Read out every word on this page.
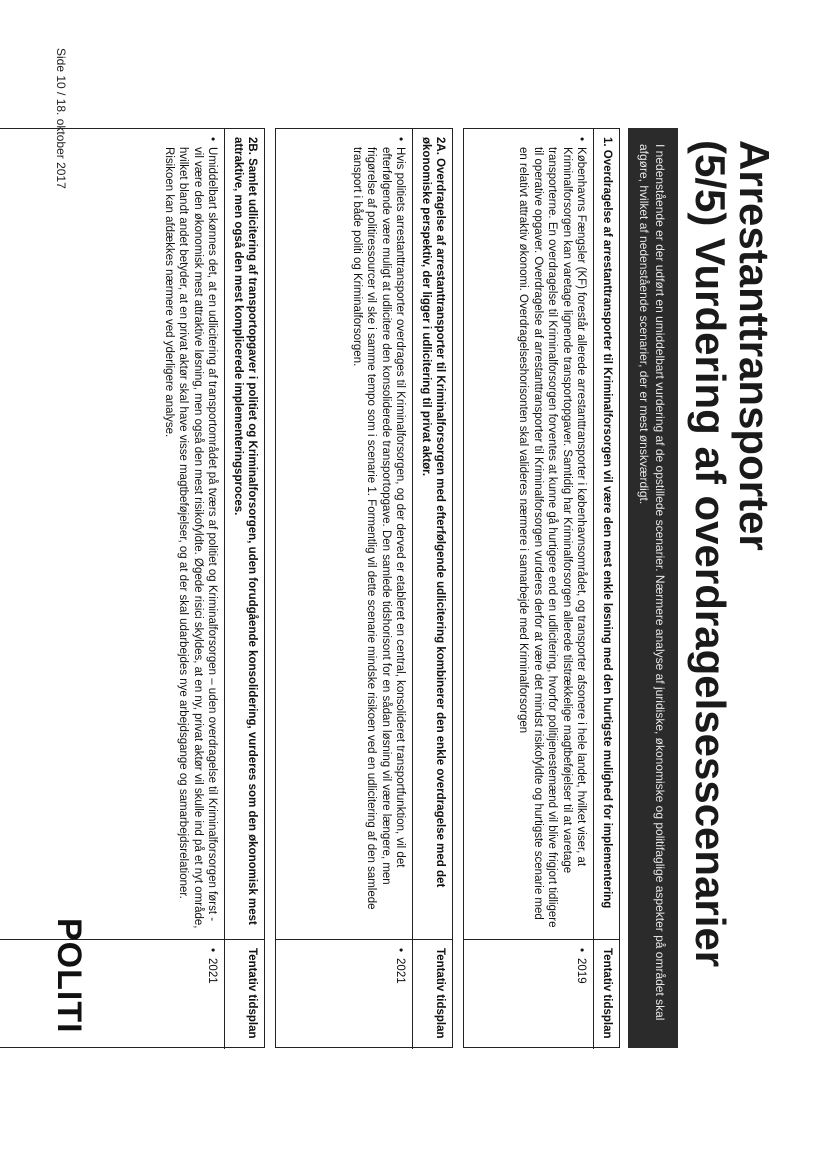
Arrestanttransporter
(5/5) Vurdering af overdragelsesscenarier
I nedenstående er der udført en umiddelbart vurdering af de opstillede scenarier. Nærmere analyse af juridiske, økonomiske og politifaglige aspekter på området skal afgøre, hvilket af nedenstående scenarier, der er mest ønskværdigt.
1. Overdragelse af arrestanttransporter til Kriminalforsorgen vil være den mest enkle løsning med den hurtigste mulighed for implementering
Tentativ tidsplan
•
Københavns Fængsler (KF) forestår allerede arrestanttransporter i københavnsområdet, og transporter afsonere i hele landet, hvilket viser, at Kriminalforsorgen kan varetage lignende transportopgaver. Samtidig har Kriminalforsorgen allerede tilstrækkelige magtbeføjelser til at varetage transporterne. En overdragelse til Kriminalforsorgen forventes at kunne gå hurtigere end en udlicitering, hvorfor politijenestemænd vil blive frigjort tidligere til operative opgaver. Overdragelse af arrestanttransporter til Kriminalforsorgen vurderes derfor at være det mindst risikofyldte og hurtigste scenarie med en relativt attraktiv økonomi. Overdragelseshorisonten skal valideres nærmere i samarbejde med Kriminalforsorgen
•
2019
2A. Overdragelse af arrestanttransporter til Kriminalforsorgen med efterfølgende udlicitering kombinerer den enkle overdragelse med det økonomiske perspektiv, der ligger i udlicitering til privat aktør.
Tentativ tidsplan
•
Hvis politiets arrestanttransporter overdrages til Kriminalforsorgen, og der derved er etableret en central, konsolideret transportfunktion, vil det efterfølgende være muligt at udlicitere den konsoliderede transportopgave. Den samlede tidshorisont for en sådan løsning vil være længere, men frigørelse af politiressourcer vil ske i samme tempo som i scenarie 1. Formentlig vil dette scenarie mindske risikoen ved en udlicitering af den samlede transport i både politi og Kriminalforsorgen.
•
2021
2B. Samlet udlicitering af transportopgaver i politiet og Kriminalforsorgen, uden forudgående konsolidering, vurderes som den økonomisk mest attraktive, men også den mest komplicerede implementeringsproces.
Tentativ tidsplan
•
Umiddelbart skønnes det, at en udlicitering af transportområdet på tværs af politiet og Kriminalforsorgen – uden overdragelse til Kriminalforsorgen først - vil være den økonomisk mest attraktive løsning, men også den mest risikofyldte. Øgede risici skyldes, at en ny, privat aktør vil skulle ind på et nyt område, hvilket blandt andet betyder, at en privat aktør skal have visse magtbeføjelser, og at der skal udarbejdes nye arbejdsgange og samarbejdsrelationer. Risikoen kan afdækkes nærmere ved yderligere analyse.
•
2021
Side 10 / 18. oktober 2017
POLITI
